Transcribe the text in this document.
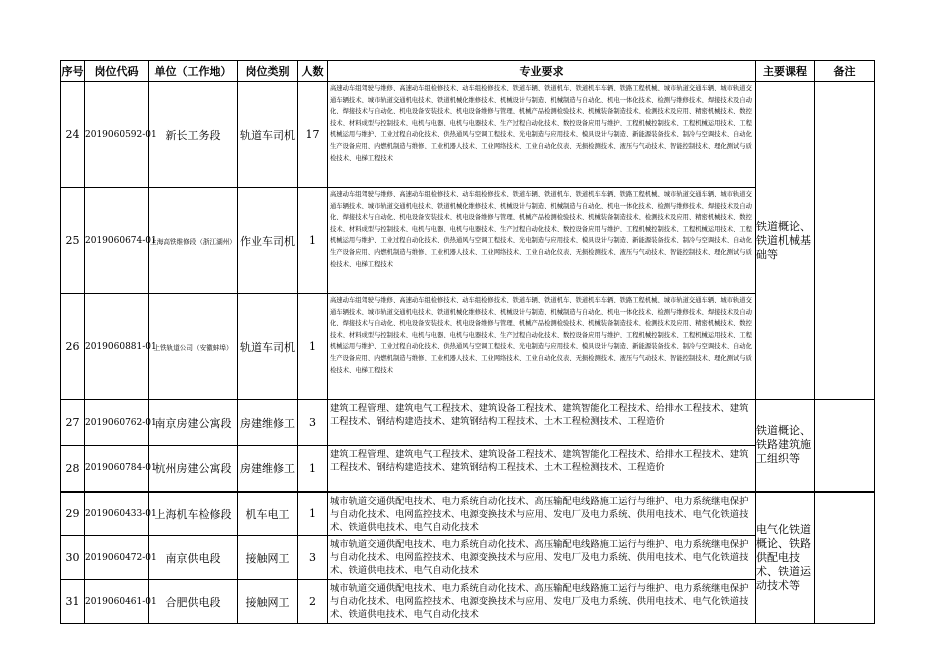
序号	岗位代码	单位（工作地）	岗位类别	人数	专业要求	主要课程	备注
24	2019060592-01	新长工务段	轨道车司机	17	高速动车组驾驶与维修、高速动车组检修技术、动车组检修技术、铁道车辆、铁道机车、铁道机车车辆、铁路工程机械、城市轨道交通车辆、城市轨道交通车辆技术、城市轨道交通机电技术、铁道机械化维修技术、机械设计与制造、机械制造与自动化、机电一体化技术、检测与维修技术、焊接技术及自动化、焊接技术与自动化、机电设备安装技术、机电设备维修与管理、机械产品检测检验技术、机械装备制造技术、检测技术及应用、精密机械技术、数控技术、材料成型与控制技术、电机与电器、电机与电器技术、生产过程自动化技术、数控设备应用与维护、工程机械控制技术、工程机械运用技术、工程机械运用与维护、工业过程自动化技术、供热通风与空调工程技术、光电制造与应用技术、模具设计与制造、新能源装备技术、制冷与空调技术、自动化生产设备应用、内燃机制造与维修、工业机器人技术、工业网络技术、工业自动化仪表、无损检测技术、液压与气动技术、智能控制技术、理化测试与质检技术、电梯工程技术	铁道概论、铁道机械基础等	
25	2019060674-01	上海高铁维修段（浙江湖州）	作业车司机	1	高速动车组驾驶与维修、高速动车组检修技术、动车组检修技术、铁道车辆、铁道机车、铁道机车车辆、铁路工程机械、城市轨道交通车辆、城市轨道交通车辆技术、城市轨道交通机电技术、铁道机械化维修技术、机械设计与制造、机械制造与自动化、机电一体化技术、检测与维修技术、焊接技术及自动化、焊接技术与自动化、机电设备安装技术、机电设备维修与管理、机械产品检测检验技术、机械装备制造技术、检测技术及应用、精密机械技术、数控技术、材料成型与控制技术、电机与电器、电机与电器技术、生产过程自动化技术、数控设备应用与维护、工程机械控制技术、工程机械运用技术、工程机械运用与维护、工业过程自动化技术、供热通风与空调工程技术、光电制造与应用技术、模具设计与制造、新能源装备技术、制冷与空调技术、自动化生产设备应用、内燃机制造与维修、工业机器人技术、工业网络技术、工业自动化仪表、无损检测技术、液压与气动技术、智能控制技术、理化测试与质检技术、电梯工程技术		

26	2019060881-01	上铁轨道公司（安徽蚌埠）	轨道车司机	1	高速动车组驾驶与维修、高速动车组检修技术、动车组检修技术、铁道车辆、铁道机车、铁道机车车辆、铁路工程机械、城市轨道交通车辆、城市轨道交通车辆技术、城市轨道交通机电技术、铁道机械化维修技术、机械设计与制造、机械制造与自动化、机电一体化技术、检测与维修技术、焊接技术及自动化、焊接技术与自动化、机电设备安装技术、机电设备维修与管理、机械产品检测检验技术、机械装备制造技术、检测技术及应用、精密机械技术、数控技术、材料成型与控制技术、电机与电器、电机与电器技术、生产过程自动化技术、数控设备应用与维护、工程机械控制技术、工程机械运用技术、工程机械运用与维护、工业过程自动化技术、供热通风与空调工程技术、光电制造与应用技术、模具设计与制造、新能源装备技术、制冷与空调技术、自动化生产设备应用、内燃机制造与维修、工业机器人技术、工业网络技术、工业自动化仪表、无损检测技术、液压与气动技术、智能控制技术、理化测试与质检技术、电梯工程技术		

27	2019060762-01	南京房建公寓段	房建维修工	3	建筑工程管理、建筑电气工程技术、建筑设备工程技术、建筑智能化工程技术、给排水工程技术、建筑工程技术、钢结构建造技术、建筑钢结构工程技术、土木工程检测技术、工程造价	铁道概论、铁路建筑施工组织等	
28	2019060784-01	杭州房建公寓段	房建维修工	1	建筑工程管理、建筑电气工程技术、建筑设备工程技术、建筑智能化工程技术、给排水工程技术、建筑工程技术、钢结构建造技术、建筑钢结构工程技术、土木工程检测技术、工程造价		

29	2019060433-01	上海机车检修段	机车电工	1	城市轨道交通供配电技术、电力系统自动化技术、高压输配电线路施工运行与维护、电力系统继电保护与自动化技术、电网监控技术、电源变换技术与应用、发电厂及电力系统、供用电技术、电气化铁道技术、铁道供电技术、电气自动化技术	电气化铁道概论、铁路供配电技术、铁道运动技术等	
30	2019060472-01	南京供电段	接触网工	3	城市轨道交通供配电技术、电力系统自动化技术、高压输配电线路施工运行与维护、电力系统继电保护与自动化技术、电网监控技术、电源变换技术与应用、发电厂及电力系统、供用电技术、电气化铁道技术、铁道供电技术、电气自动化技术		

31	2019060461-01	合肥供电段	接触网工	2	城市轨道交通供配电技术、电力系统自动化技术、高压输配电线路施工运行与维护、电力系统继电保护与自动化技术、电网监控技术、电源变换技术与应用、发电厂及电力系统、供用电技术、电气化铁道技术、铁道供电技术、电气自动化技术		
